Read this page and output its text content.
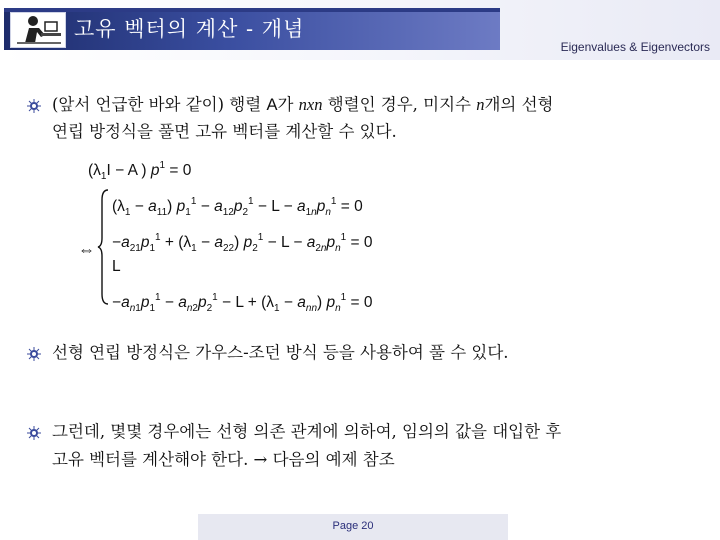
고유 벡터의 계산 - 개념
Eigenvalues & Eigenvectors
(앞서 언급한 바와 같이) 행렬 A가 nxn 행렬인 경우, 미지수 n개의 선형
연립 방정식을 풀면 고유 벡터를 계산할 수 있다.
($\lambda_1I - A$ ) $p^1 = 0$
⇔
$(\lambda_1 - a_{11}) p_1^1 - a_{12}p_2^1 - L - a_{1n}p_n^1 = 0$
$-a_{21}p_1^1 + (\lambda_1 - a_{22}) p_2^1 - L - a_{2n}p_n^1 = 0$
L
$-a_{n1}p_1^1 - a_{n2}p_2^1 - L + (\lambda_1 - a_{nn}) p_n^1 = 0$
선형 연립 방정식은 가우스-조던 방식 등을 사용하여 풀 수 있다.
그런데, 몇몇 경우에는 선형 의존 관계에 의하여, 임의의 값을 대입한 후
고유 벡터를 계산해야 한다. → 다음의 예제 참조
Page 20
